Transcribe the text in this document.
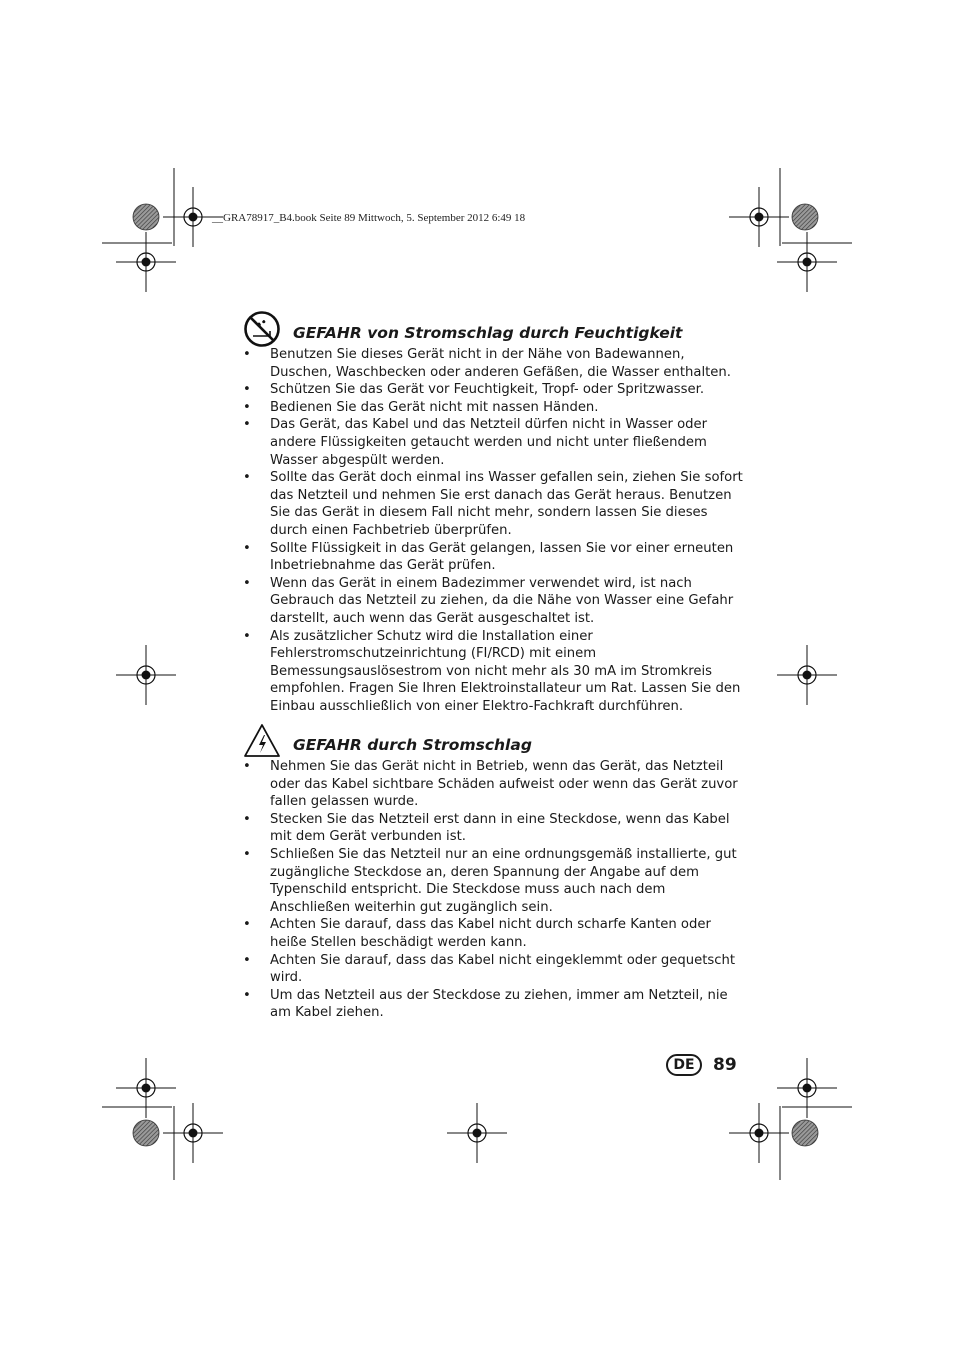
__GRA78917_B4.book Seite 89 Mittwoch, 5. September 2012 6:49 18
GEFAHR von Stromschlag durch Feuchtigkeit
• Benutzen Sie dieses Gerät nicht in der Nähe von Badewannen, Duschen, Waschbecken oder anderen Gefäßen, die Wasser enthalten.
• Schützen Sie das Gerät vor Feuchtigkeit, Tropf- oder Spritzwasser.
• Bedienen Sie das Gerät nicht mit nassen Händen.
• Das Gerät, das Kabel und das Netzteil dürfen nicht in Wasser oder andere Flüssigkeiten getaucht werden und nicht unter fließendem Wasser abgespült werden.
• Sollte das Gerät doch einmal ins Wasser gefallen sein, ziehen Sie sofort das Netzteil und nehmen Sie erst danach das Gerät heraus. Benutzen Sie das Gerät in diesem Fall nicht mehr, sondern lassen Sie dieses durch einen Fachbetrieb überprüfen.
• Sollte Flüssigkeit in das Gerät gelangen, lassen Sie vor einer erneuten Inbetriebnahme das Gerät prüfen.
• Wenn das Gerät in einem Badezimmer verwendet wird, ist nach Gebrauch das Netzteil zu ziehen, da die Nähe von Wasser eine Gefahr darstellt, auch wenn das Gerät ausgeschaltet ist.
• Als zusätzlicher Schutz wird die Installation einer Fehlerstromschutzeinrichtung (FI/RCD) mit einem Bemessungsauslösestrom von nicht mehr als 30 mA im Stromkreis empfohlen. Fragen Sie Ihren Elektroinstallateur um Rat. Lassen Sie den Einbau ausschließlich von einer Elektro-Fachkraft durchführen.
GEFAHR durch Stromschlag
• Nehmen Sie das Gerät nicht in Betrieb, wenn das Gerät, das Netzteil oder das Kabel sichtbare Schäden aufweist oder wenn das Gerät zuvor fallen gelassen wurde.
• Stecken Sie das Netzteil erst dann in eine Steckdose, wenn das Kabel mit dem Gerät verbunden ist.
• Schließen Sie das Netzteil nur an eine ordnungsgemäß installierte, gut zugängliche Steckdose an, deren Spannung der Angabe auf dem Typenschild entspricht. Die Steckdose muss auch nach dem Anschließen weiterhin gut zugänglich sein.
• Achten Sie darauf, dass das Kabel nicht durch scharfe Kanten oder heiße Stellen beschädigt werden kann.
• Achten Sie darauf, dass das Kabel nicht eingeklemmt oder gequetscht wird.
• Um das Netzteil aus der Steckdose zu ziehen, immer am Netzteil, nie am Kabel ziehen.
DE	89
